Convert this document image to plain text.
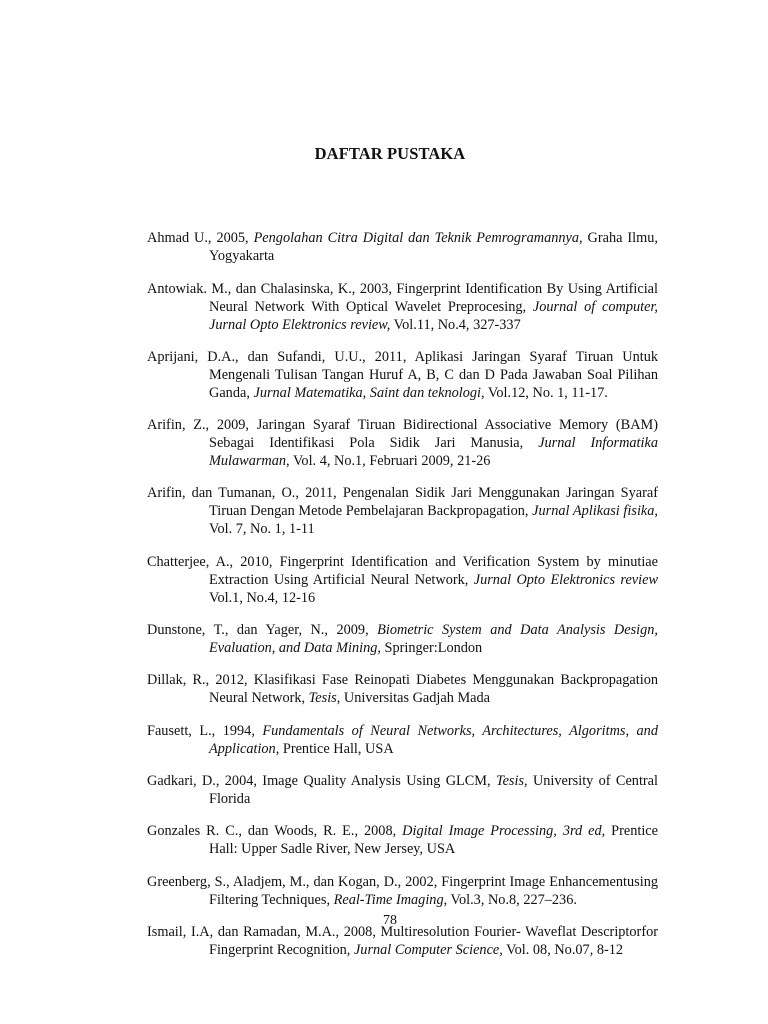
DAFTAR PUSTAKA

Ahmad U., 2005, Pengolahan Citra Digital dan Teknik Pemrogramannya, Graha Ilmu, Yogyakarta

Antowiak. M., dan Chalasinska, K., 2003, Fingerprint Identification By Using Artificial Neural Network With Optical Wavelet Preprocesing, Journal of computer, Jurnal Opto Elektronics review, Vol.11, No.4, 327-337

Aprijani, D.A., dan Sufandi, U.U., 2011, Aplikasi Jaringan Syaraf Tiruan Untuk Mengenali Tulisan Tangan Huruf A, B, C dan D Pada Jawaban Soal Pilihan Ganda, Jurnal Matematika, Saint dan teknologi, Vol.12, No. 1, 11-17.

Arifin, Z., 2009, Jaringan Syaraf Tiruan Bidirectional Associative Memory (BAM) Sebagai Identifikasi Pola Sidik Jari Manusia, Jurnal Informatika Mulawarman, Vol. 4, No.1, Februari 2009, 21-26

Arifin, dan Tumanan, O., 2011, Pengenalan Sidik Jari Menggunakan Jaringan Syaraf Tiruan Dengan Metode Pembelajaran Backpropagation, Jurnal Aplikasi fisika, Vol. 7, No. 1, 1-11

Chatterjee, A., 2010, Fingerprint Identification and Verification System by minutiae Extraction Using Artificial Neural Network, Jurnal Opto Elektronics review Vol.1, No.4, 12-16

Dunstone, T., dan Yager, N., 2009, Biometric System and Data Analysis Design, Evaluation, and Data Mining, Springer:London

Dillak, R., 2012, Klasifikasi Fase Reinopati Diabetes Menggunakan Backpropagation Neural Network, Tesis, Universitas Gadjah Mada

Fausett, L., 1994, Fundamentals of Neural Networks, Architectures, Algoritms, and Application, Prentice Hall, USA

Gadkari, D., 2004, Image Quality Analysis Using GLCM, Tesis, University of Central Florida

Gonzales R. C., dan Woods, R. E., 2008, Digital Image Processing, 3rd ed, Prentice Hall: Upper Sadle River, New Jersey, USA

Greenberg, S., Aladjem, M., dan Kogan, D., 2002, Fingerprint Image Enhancementusing Filtering Techniques, Real-Time Imaging, Vol.3, No.8, 227–236.

Ismail, I.A, dan Ramadan, M.A., 2008, Multiresolution Fourier- Waveflat Descriptorfor Fingerprint Recognition, Jurnal Computer Science, Vol. 08, No.07, 8-12

78
